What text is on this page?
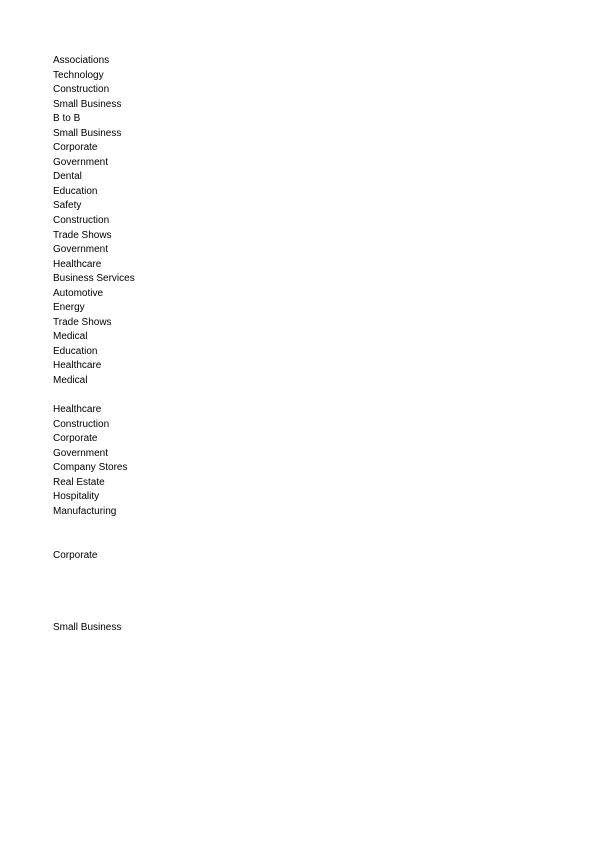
Associations
Technology
Construction
Small Business
B to B
Small Business
Corporate
Government
Dental
Education
Safety
Construction
Trade Shows
Government
Healthcare
Business Services
Automotive
Energy
Trade Shows
Medical
Education
Healthcare
Medical
Healthcare
Construction
Corporate
Government
Company Stores
Real Estate
Hospitality
Manufacturing
Corporate
Small Business
